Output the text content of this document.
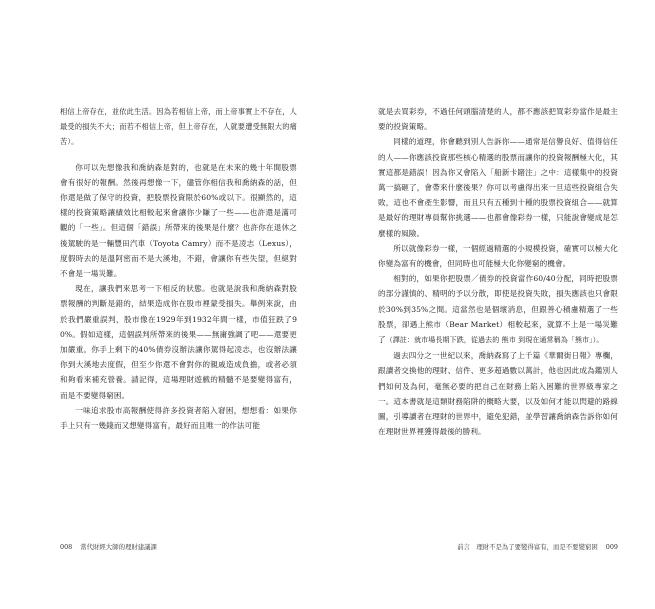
相信上帝存在，並依此生活。因為若相信上帝，而上帝事實上不存在，人最受的損失不大；而若不相信上帝，但上帝存在，人就要遭受無限大的痛苦）。

你可以先想像我和喬納森是對的，也就是在未來的幾十年間股票會有很好的報酬。然後再想像一下，儘管你相信我和喬納森的話，但你還是做了保守的投資，把股票投資限於60%或以下。很顯然的，這樣的投資策略讓績效比相較起來會讓你少賺了一些——也許還是滿可觀的「一些」。但這個「錯誤」所帶來的後果是什麼？也許你在退休之後駕駛的是一輛豐田汽車（Toyota Camry）而不是凌志（Lexus），度假時去的是溫阿密而不是大溪地，不錯，會讓你有些失望，但絕對不會是一場災難。

現在，讓我們來思考一下相反的狀態。也就是說我和喬納森對股票報酬的判斷是錯的，結果造成你在股市裡蒙受損失。舉例來說，由於我們嚴重誤判，股市像在1929年到1932年間一樣，市值狂跌了90%。假如這樣，這個誤判所帶來的後果——無庸強調了吧——還要更加嚴重。你手上剩下的40%債券沒辦法讓你駕得起凌志，也沒辦法讓你到大溪地去度假，但至少你還不會對你的親戚造成負擔，或者必須和夠看來補充營養。請記得，這場理財遊戲的精髓不是要變得富有，而是不要變得窮困。

一味追求股市高報酬使得許多投資者陷入窘困，想想看：如果你手上只有一幾錢而又想變得富有，最好而且唯一的作法可能

008 當代財經大師的理財建議課

就是去買彩券，不過任何頭腦清楚的人，都不應該把買彩券當作是最主要的投資策略。

同樣的道理，你會聽到別人告訴你——通常是信譽良好、值得信任的人——你應該投資那些核心精選的股票而讓你的投資報酬極大化，其實這都是錯誤！因為你又會陷入「船新卡賭注」之中：這樣集中的投資萬一搞砸了，會帶來什麼後果？你可以考慮得出來一旦這些投資組合失敗，這也不會產生影響，而且只有五種到十種的股票投資組合——就算是最好的理財專員幫你挑選——也都會像彩券一樣，只能說會變成是怎麼樣的風險。

所以就像彩券一樣，一個經過精選的小規模投資，確實可以極大化你變為富有的機會，但同時也可能極大化你變窮的機會。

相對的，如果你把股票／債券的投資當作60/40分配，同時把股票的部分謹慎的、精明的予以分散，即使是投資失敗，損失應該也只會限於30%到35%之間。這當然也是個壞消息，但跟善心積慮精選了一些股票，卻遇上熊市（Bear Market）相較起來，就算不上是一場災難了（譯註：就市場長期下跌，從過去的 熊市 到現在通常稱為「熊市」）。

過去四分之一世紀以來，喬納森寫了上千篇《華爾街日報》專欄，跟讀者交換他的理財、信件、更多超過數以萬計，他也因此成為鑑別人們如何及為何，毫無必要的把自己在財務上陷入困難的世界級專家之一。這本書就是這類財務陷阱的概略大要，以及如何才能以閃避的路線圖，引導讀者在理財的世界中，避免犯錯，並學習讓喬納森告訴你如何在理財世界裡獲得最後的勝利。

前言　理財不是為了要變得富有，而是不要變窮困 009
